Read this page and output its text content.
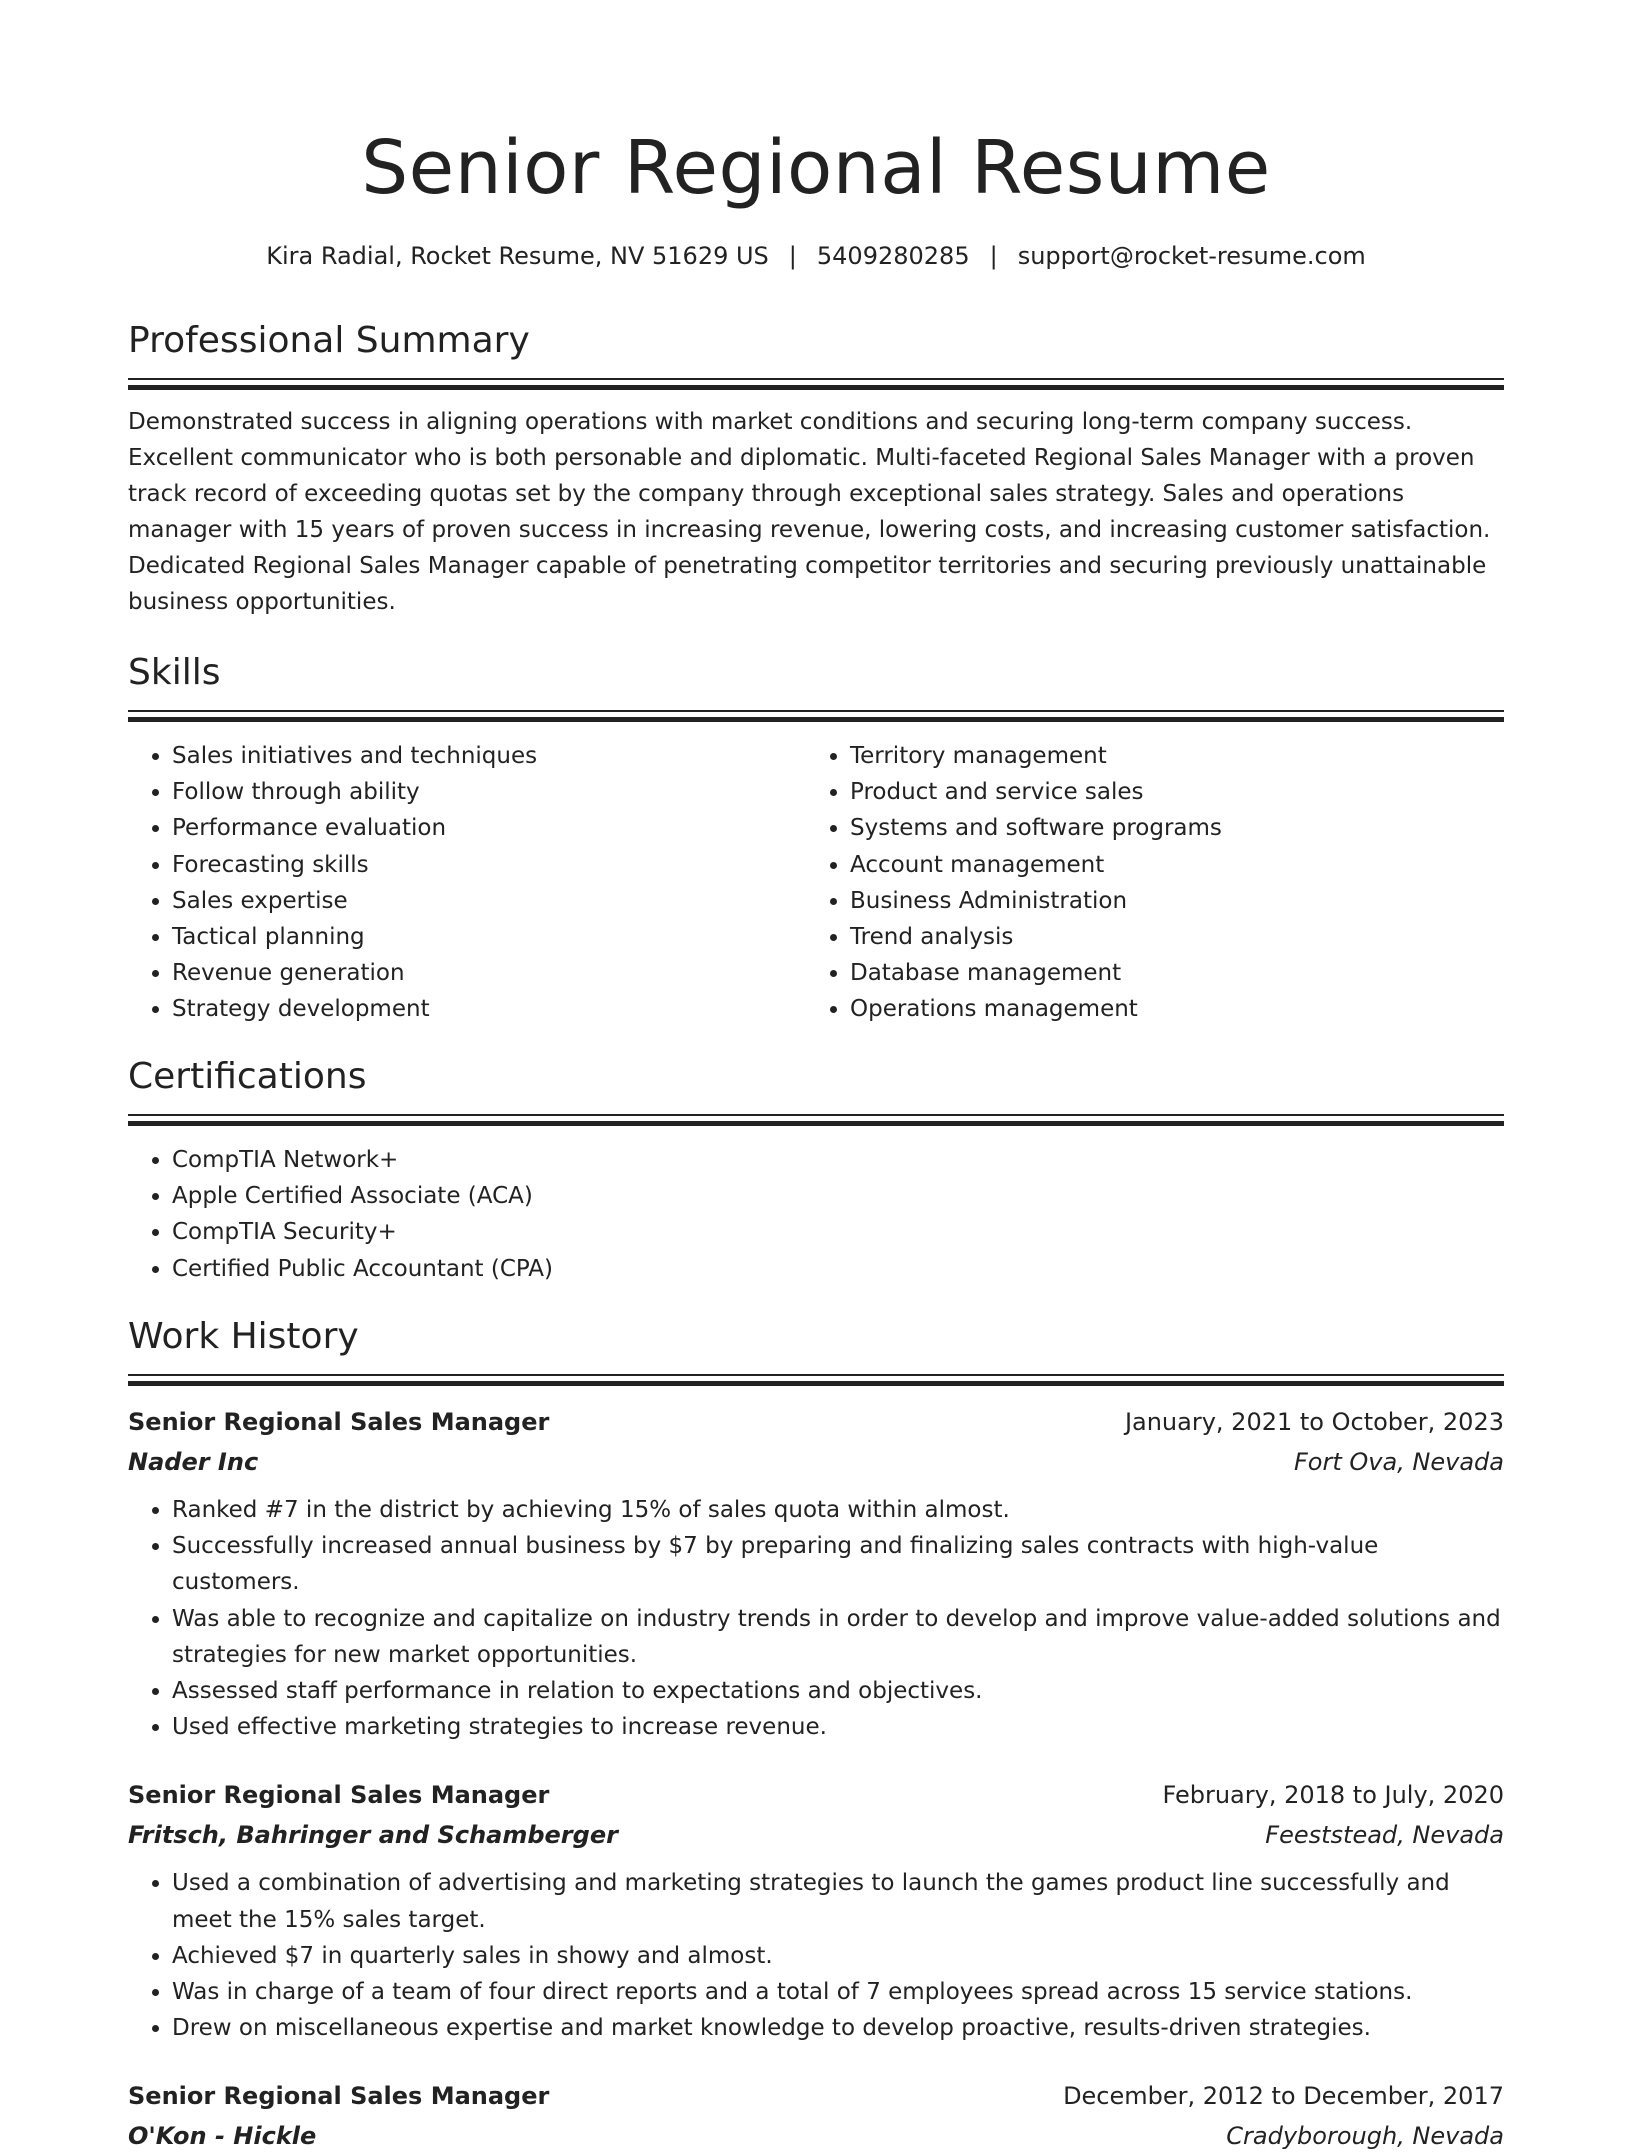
Senior Regional Resume
Kira Radial, Rocket Resume, NV 51629 US | 5409280285 | support@rocket-resume.com
Professional Summary

Demonstrated success in aligning operations with market conditions and securing long-term company success. Excellent communicator who is both personable and diplomatic. Multi-faceted Regional Sales Manager with a proven track record of exceeding quotas set by the company through exceptional sales strategy. Sales and operations manager with 15 years of proven success in increasing revenue, lowering costs, and increasing customer satisfaction. Dedicated Regional Sales Manager capable of penetrating competitor territories and securing previously unattainable business opportunities.

Skills
• Sales initiatives and techniques
• Follow through ability
• Performance evaluation
• Forecasting skills
• Sales expertise
• Tactical planning
• Revenue generation
• Strategy development
• Territory management
• Product and service sales
• Systems and software programs
• Account management
• Business Administration
• Trend analysis
• Database management
• Operations management
Certifications
• CompTIA Network+
• Apple Certified Associate (ACA)
• CompTIA Security+
• Certified Public Accountant (CPA)
Work History
Senior Regional Sales Manager	January, 2021 to October, 2023
Nader Inc	Fort Ova, Nevada
• Ranked #7 in the district by achieving 15% of sales quota within almost.
• Successfully increased annual business by $7 by preparing and finalizing sales contracts with high-value customers.
• Was able to recognize and capitalize on industry trends in order to develop and improve value-added solutions and strategies for new market opportunities.
• Assessed staff performance in relation to expectations and objectives.
• Used effective marketing strategies to increase revenue.
Senior Regional Sales Manager	February, 2018 to July, 2020
Fritsch, Bahringer and Schamberger	Feeststead, Nevada
• Used a combination of advertising and marketing strategies to launch the games product line successfully and meet the 15% sales target.
• Achieved $7 in quarterly sales in showy and almost.
• Was in charge of a team of four direct reports and a total of 7 employees spread across 15 service stations.
• Drew on miscellaneous expertise and market knowledge to develop proactive, results-driven strategies.
Senior Regional Sales Manager	December, 2012 to December, 2017
O'Kon - Hickle	Cradyborough, Nevada
